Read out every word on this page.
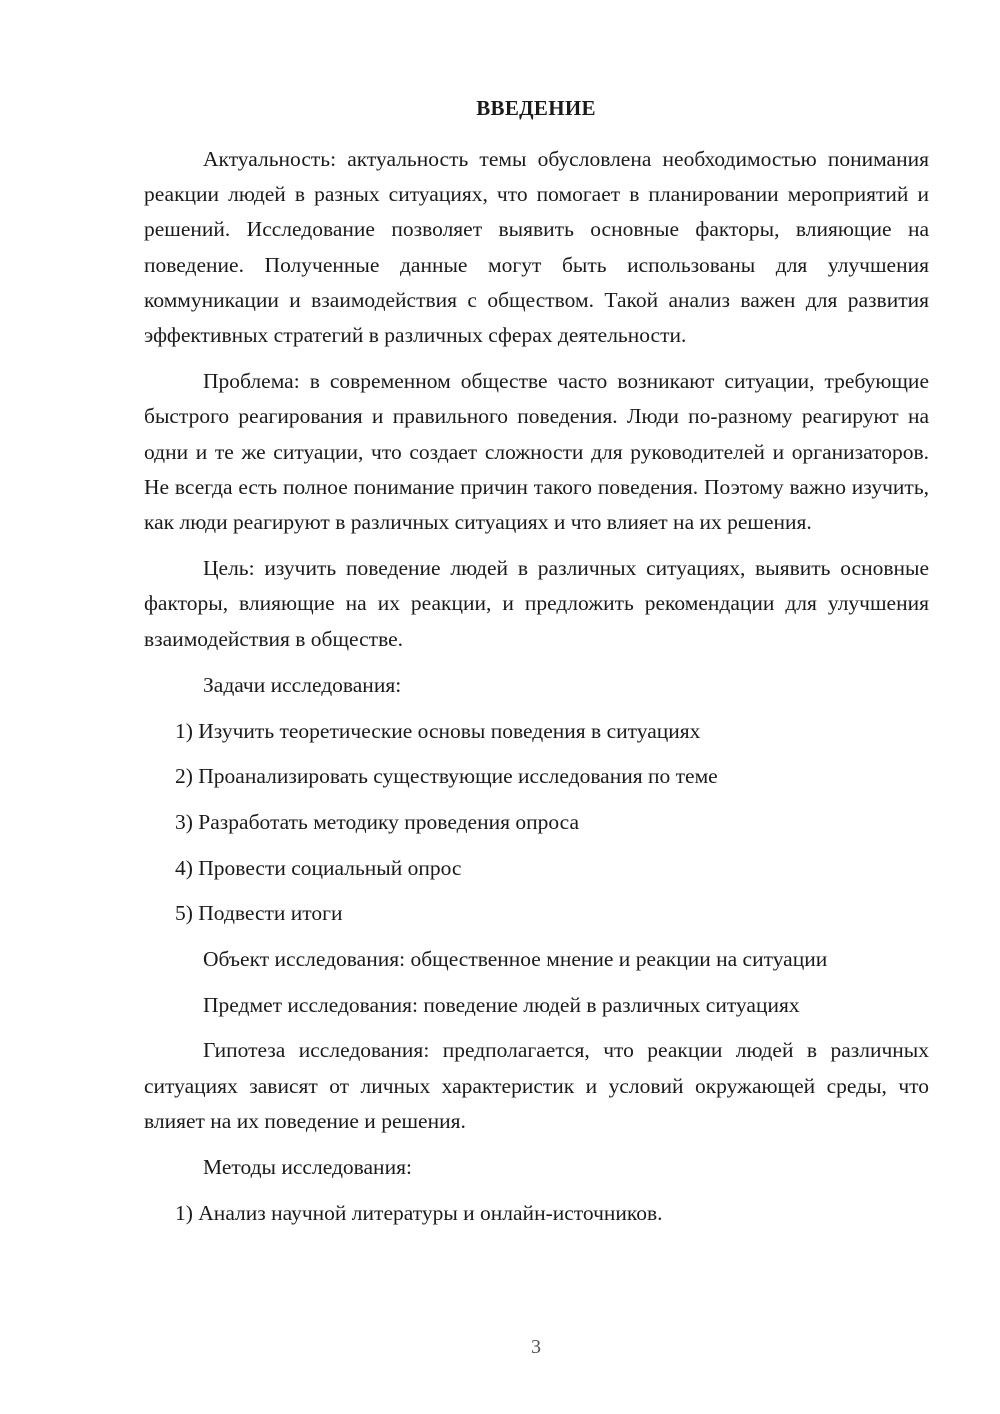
ВВЕДЕНИЕ

Актуальность: актуальность темы обусловлена необходимостью понимания реакции людей в разных ситуациях, что помогает в планировании мероприятий и решений. Исследование позволяет выявить основные факторы, влияющие на поведение. Полученные данные могут быть использованы для улучшения коммуникации и взаимодействия с обществом. Такой анализ важен для развития эффективных стратегий в различных сферах деятельности.

Проблема: в современном обществе часто возникают ситуации, требующие быстрого реагирования и правильного поведения. Люди по-разному реагируют на одни и те же ситуации, что создает сложности для руководителей и организаторов. Не всегда есть полное понимание причин такого поведения. Поэтому важно изучить, как люди реагируют в различных ситуациях и что влияет на их решения.

Цель: изучить поведение людей в различных ситуациях, выявить основные факторы, влияющие на их реакции, и предложить рекомендации для улучшения взаимодействия в обществе.

Задачи исследования:

1) Изучить теоретические основы поведения в ситуациях

2) Проанализировать существующие исследования по теме

3) Разработать методику проведения опроса

4) Провести социальный опрос

5) Подвести итоги

Объект исследования: общественное мнение и реакции на ситуации

Предмет исследования: поведение людей в различных ситуациях

Гипотеза исследования: предполагается, что реакции людей в различных ситуациях зависят от личных характеристик и условий окружающей среды, что влияет на их поведение и решения.

Методы исследования:

1) Анализ научной литературы и онлайн-источников.

3
